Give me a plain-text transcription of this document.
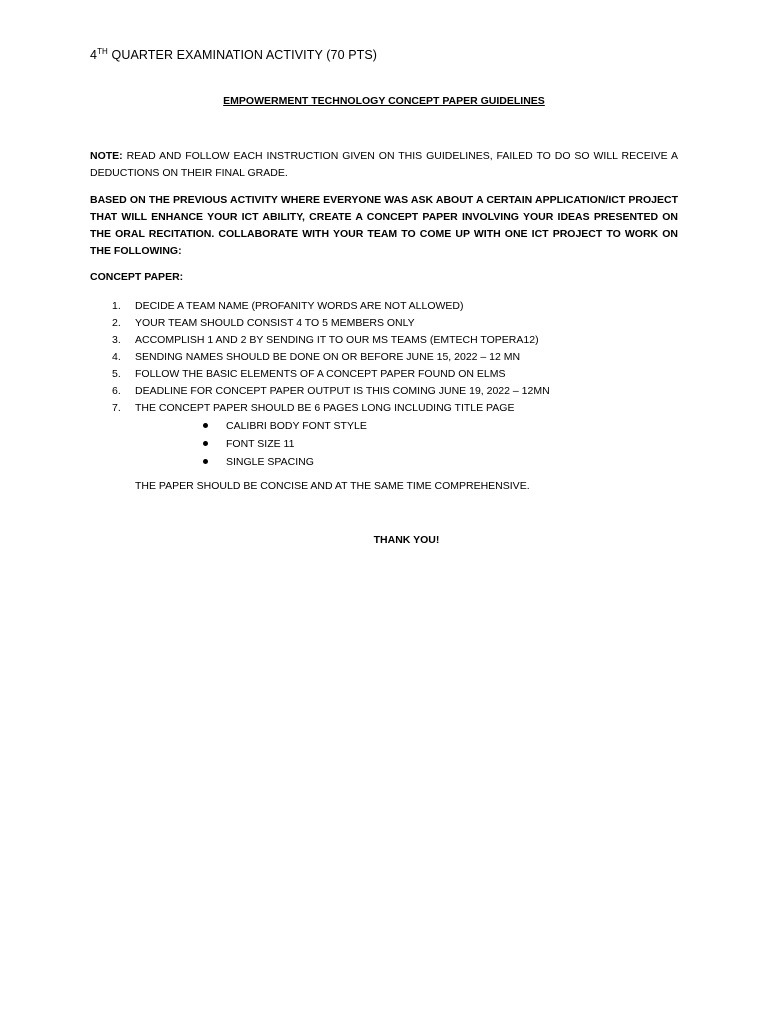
4TH QUARTER EXAMINATION ACTIVITY (70 PTS)
EMPOWERMENT TECHNOLOGY CONCEPT PAPER GUIDELINES
NOTE: READ AND FOLLOW EACH INSTRUCTION GIVEN ON THIS GUIDELINES, FAILED TO DO SO WILL RECEIVE A DEDUCTIONS ON THEIR FINAL GRADE.
BASED ON THE PREVIOUS ACTIVITY WHERE EVERYONE WAS ASK ABOUT A CERTAIN APPLICATION/ICT PROJECT THAT WILL ENHANCE YOUR ICT ABILITY, CREATE A CONCEPT PAPER INVOLVING YOUR IDEAS PRESENTED ON THE ORAL RECITATION. COLLABORATE WITH YOUR TEAM TO COME UP WITH ONE ICT PROJECT TO WORK ON THE FOLLOWING:
CONCEPT PAPER:
1. DECIDE A TEAM NAME (PROFANITY WORDS ARE NOT ALLOWED)
2. YOUR TEAM SHOULD CONSIST 4 TO 5 MEMBERS ONLY
3. ACCOMPLISH 1 AND 2 BY SENDING IT TO OUR MS TEAMS (EMTECH TOPERA12)
4. SENDING NAMES SHOULD BE DONE ON OR BEFORE JUNE 15, 2022 – 12 MN
5. FOLLOW THE BASIC ELEMENTS OF A CONCEPT PAPER FOUND ON ELMS
6. DEADLINE FOR CONCEPT PAPER OUTPUT IS THIS COMING JUNE 19, 2022 – 12MN
7. THE CONCEPT PAPER SHOULD BE 6 PAGES LONG INCLUDING TITLE PAGE
CALIBRI BODY FONT STYLE
FONT SIZE 11
SINGLE SPACING
THE PAPER SHOULD BE CONCISE AND AT THE SAME TIME COMPREHENSIVE.
THANK YOU!
